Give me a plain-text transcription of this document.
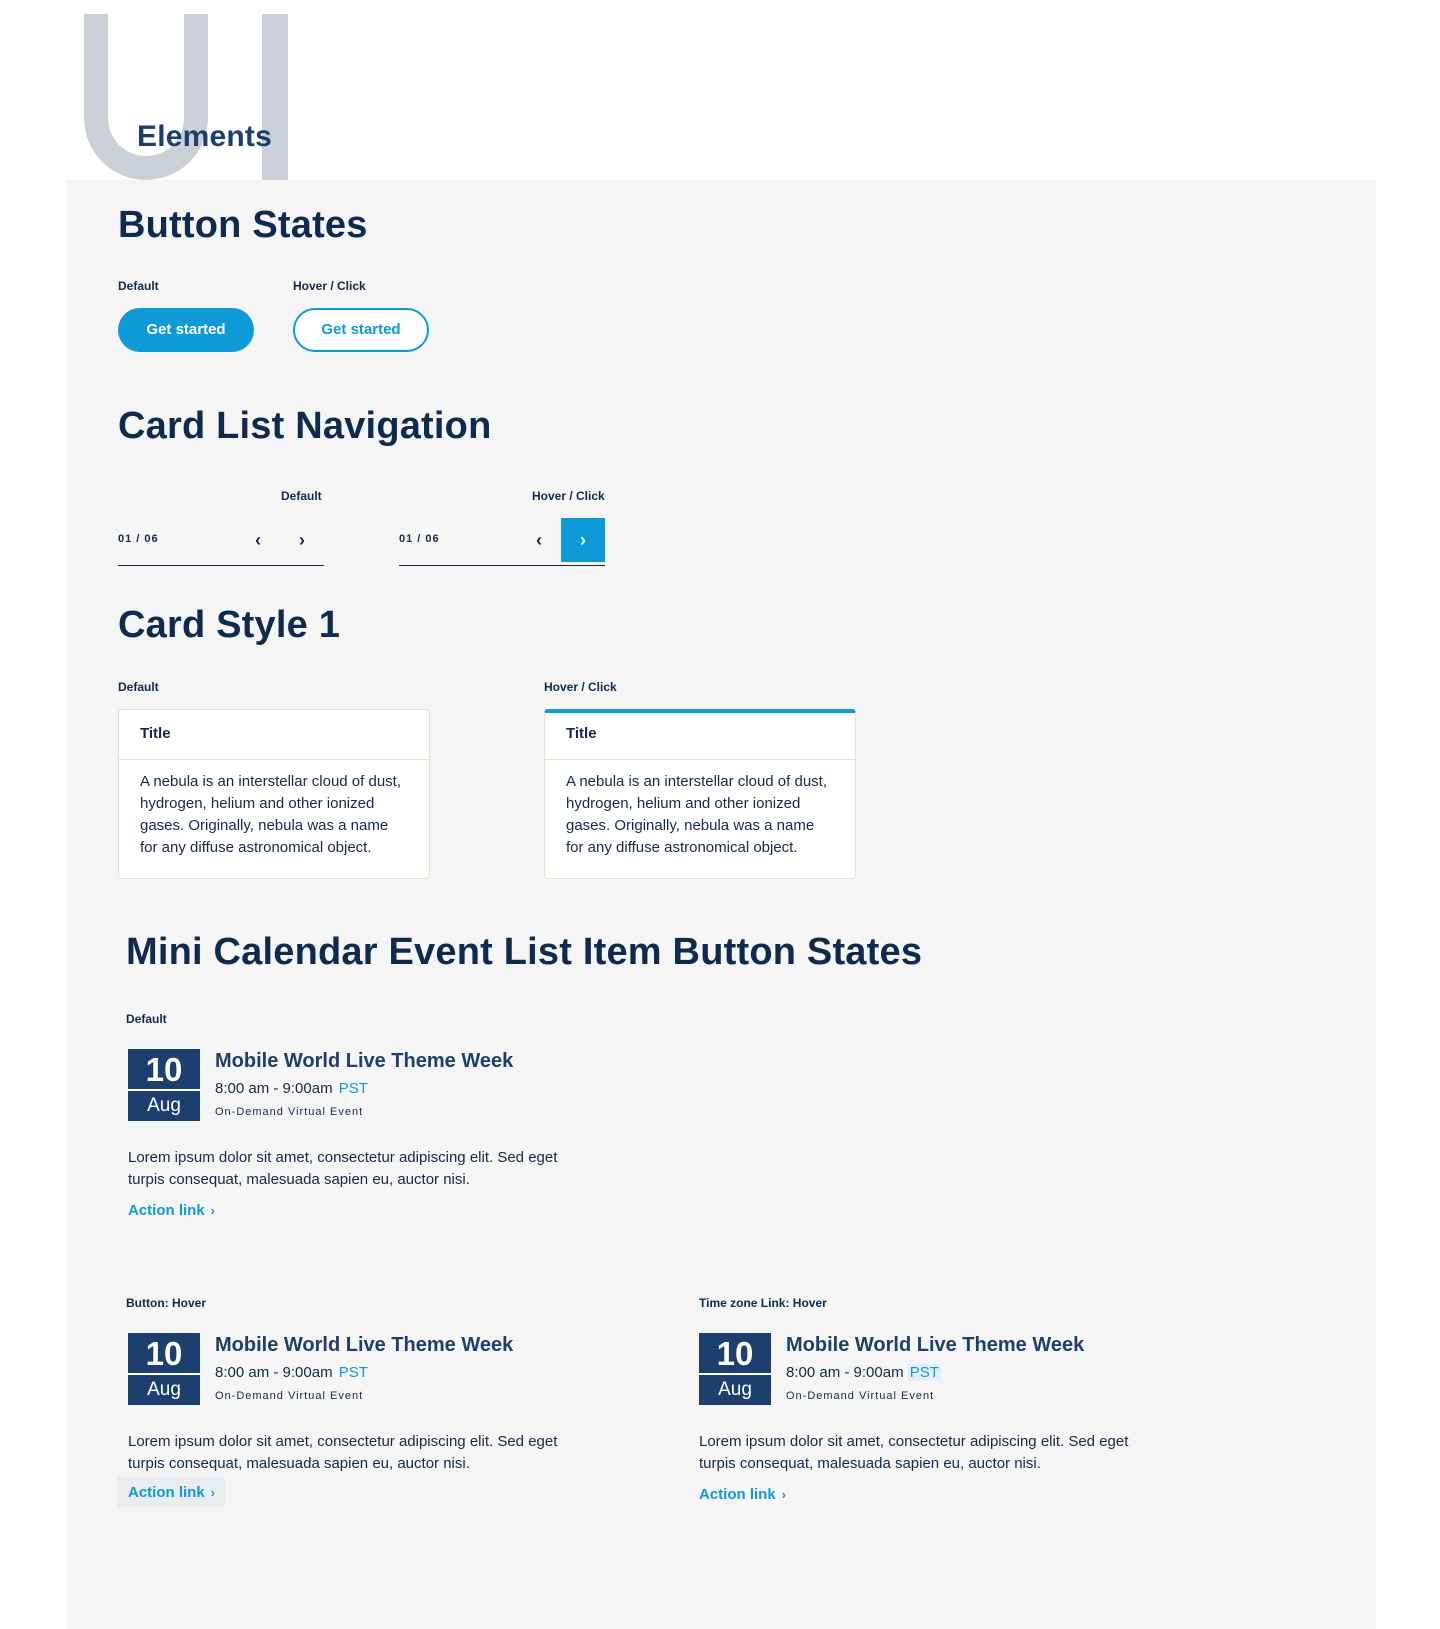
Elements
Button States
Default	Hover / Click
Get started	Get started
Card List Navigation
Default	Hover / Click
01 / 06	‹	›	01 / 06	‹	›
Card Style 1
Default	Hover / Click
Title
A nebula is an interstellar cloud of dust, hydrogen, helium and other ionized gases. Originally, nebula was a name for any diffuse astronomical object.
Title
A nebula is an interstellar cloud of dust, hydrogen, helium and other ionized gases. Originally, nebula was a name for any diffuse astronomical object.
Mini Calendar Event List Item Button States
Default
10
Aug
Mobile World Live Theme Week
8:00 am - 9:00am PST
On-Demand Virtual Event
Lorem ipsum dolor sit amet, consectetur adipiscing elit. Sed eget turpis consequat, malesuada sapien eu, auctor nisi.
Action link ›
Button: Hover	Time zone Link: Hover
10
Aug
Mobile World Live Theme Week
8:00 am - 9:00am PST
On-Demand Virtual Event
Lorem ipsum dolor sit amet, consectetur adipiscing elit. Sed eget turpis consequat, malesuada sapien eu, auctor nisi.
Action link ›
10
Aug
Mobile World Live Theme Week
8:00 am - 9:00am PST
On-Demand Virtual Event
Lorem ipsum dolor sit amet, consectetur adipiscing elit. Sed eget turpis consequat, malesuada sapien eu, auctor nisi.
Action link ›
